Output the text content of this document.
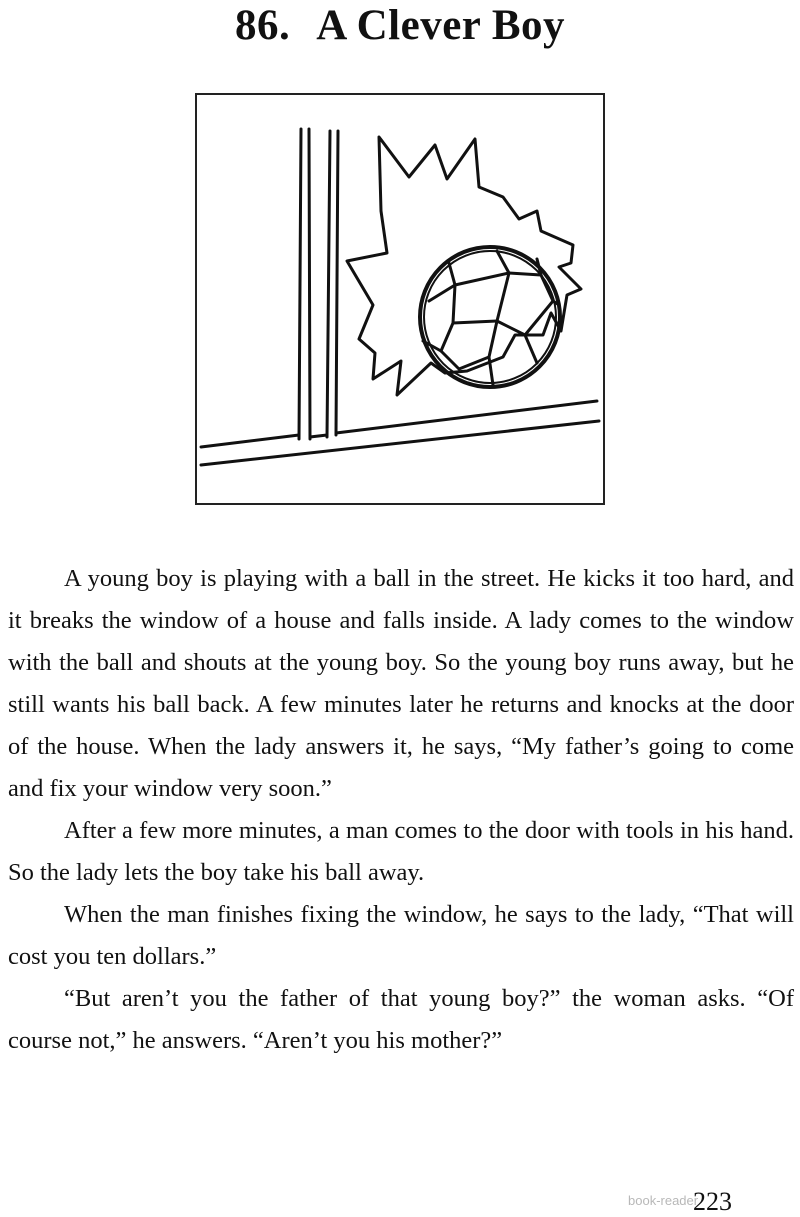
86. A Clever Boy

A young boy is playing with a ball in the street. He kicks it too hard, and it breaks the window of a house and falls inside. A lady comes to the window with the ball and shouts at the young boy. So the young boy runs away, but he still wants his ball back. A few minutes later he returns and knocks at the door of the house. When the lady answers it, he says, “My father’s going to come and fix your window very soon.”

After a few more minutes, a man comes to the door with tools in his hand. So the lady lets the boy take his ball away.

When the man finishes fixing the window, he says to the lady, “That will cost you ten dollars.”

“But aren’t you the father of that young boy?” the woman asks. “Of course not,” he answers. “Aren’t you his mother?”

book-reader
223
